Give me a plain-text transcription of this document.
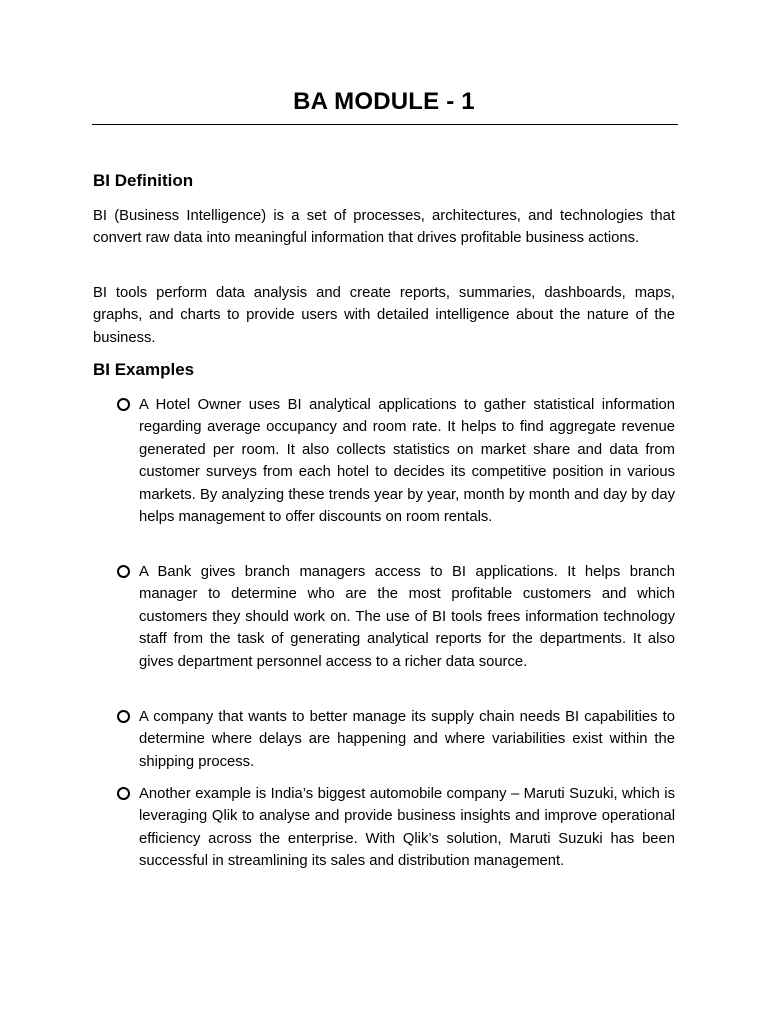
BA MODULE - 1
BI Definition

BI (Business Intelligence) is a set of processes, architectures, and technologies that convert raw data into meaningful information that drives profitable business actions.

BI tools perform data analysis and create reports, summaries, dashboards, maps, graphs, and charts to provide users with detailed intelligence about the nature of the business.

BI Examples

A Hotel Owner uses BI analytical applications to gather statistical information regarding average occupancy and room rate. It helps to find aggregate revenue generated per room. It also collects statistics on market share and data from customer surveys from each hotel to decides its competitive position in various markets. By analyzing these trends year by year, month by month and day by day helps management to offer discounts on room rentals.

A Bank gives branch managers access to BI applications. It helps branch manager to determine who are the most profitable customers and which customers they should work on. The use of BI tools frees information technology staff from the task of generating analytical reports for the departments. It also gives department personnel access to a richer data source.

A company that wants to better manage its supply chain needs BI capabilities to determine where delays are happening and where variabilities exist within the shipping process.

Another example is India’s biggest automobile company – Maruti Suzuki, which is leveraging Qlik to analyse and provide business insights and improve operational efficiency across the enterprise. With Qlik’s solution, Maruti Suzuki has been successful in streamlining its sales and distribution management.
